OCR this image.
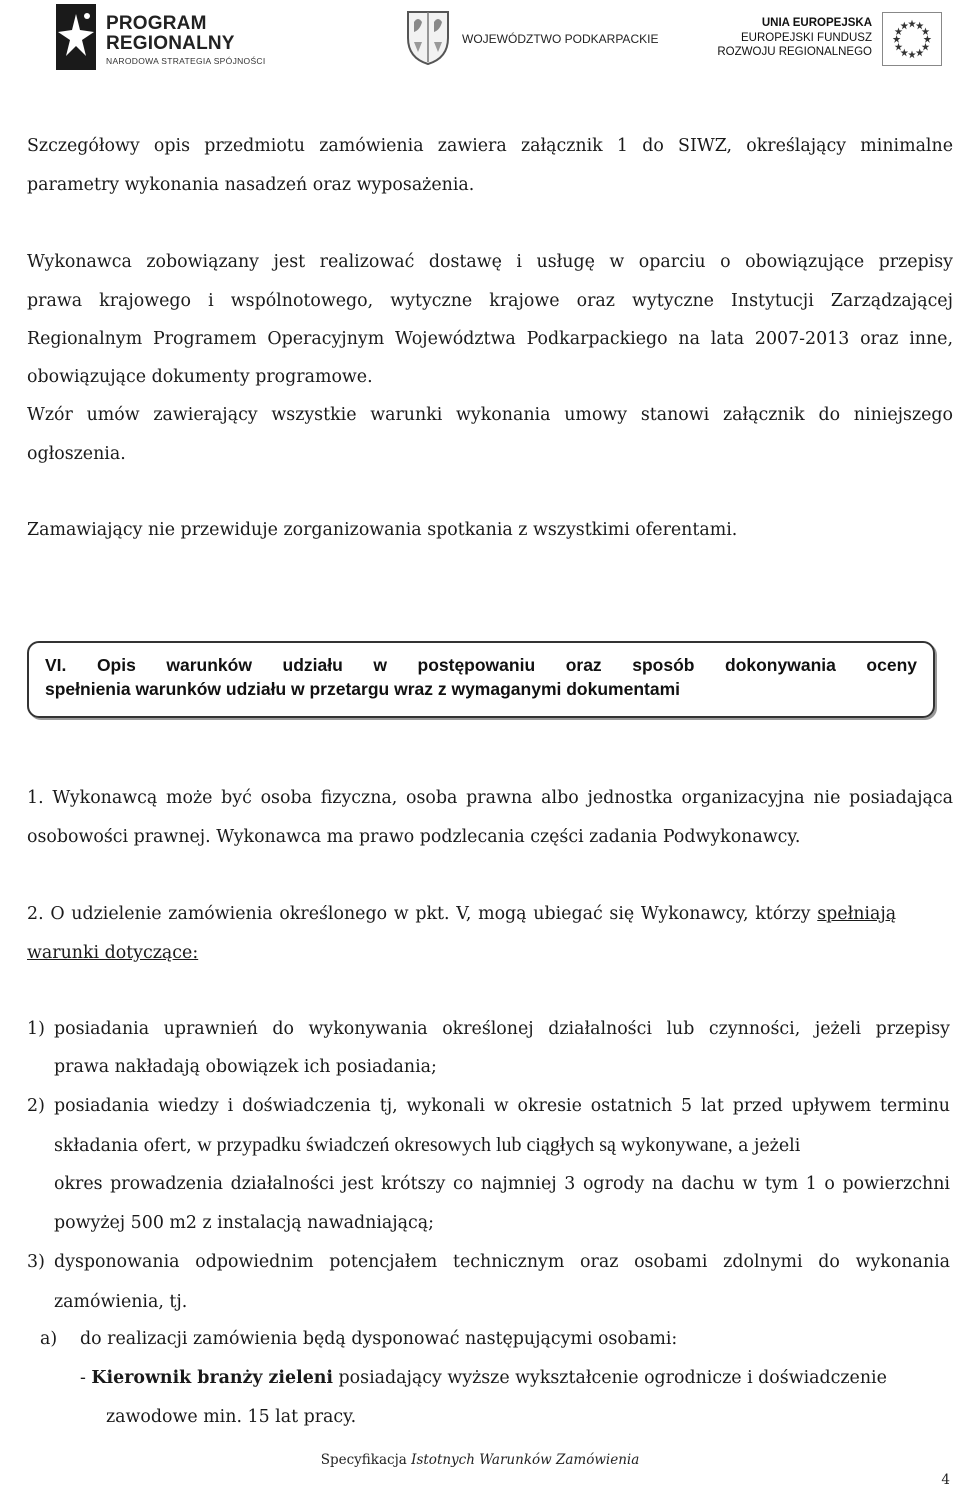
PROGRAM
REGIONALNY
NARODOWA STRATEGIA SPÓJNOŚCI
WOJEWÓDZTWO PODKARPACKIE
UNIA EUROPEJSKA
EUROPEJSKI FUNDUSZ
ROZWOJU REGIONALNEGO
Szczegółowy opis przedmiotu zamówienia zawiera załącznik 1 do SIWZ, określający minimalne
parametry wykonania nasadzeń oraz wyposażenia.
Wykonawca zobowiązany jest realizować dostawę i usługę w oparciu o obowiązujące przepisy
prawa krajowego i wspólnotowego, wytyczne krajowe oraz wytyczne Instytucji Zarządzającej
Regionalnym Programem Operacyjnym Województwa Podkarpackiego na lata 2007-2013 oraz inne,
obowiązujące dokumenty programowe.
Wzór umów zawierający wszystkie warunki wykonania umowy stanowi załącznik do niniejszego
ogłoszenia.
Zamawiający nie przewiduje zorganizowania spotkania z wszystkimi oferentami.
VI. Opis warunków udziału w postępowaniu oraz sposób dokonywania oceny
spełnienia warunków udziału w przetargu wraz z wymaganymi dokumentami
1. Wykonawcą może być osoba fizyczna, osoba prawna albo jednostka organizacyjna nie posiadająca
osobowości prawnej. Wykonawca ma prawo podzlecania części zadania Podwykonawcy.
2. O udzielenie zamówienia określonego w pkt. V, mogą ubiegać się Wykonawcy, którzy spełniają
warunki dotyczące:
1) posiadania uprawnień do wykonywania określonej działalności lub czynności, jeżeli przepisy
prawa nakładają obowiązek ich posiadania;
2) posiadania wiedzy i doświadczenia tj, wykonali w okresie ostatnich 5 lat przed upływem terminu
składania ofert, w przypadku świadczeń okresowych lub ciągłych są wykonywane, a jeżeli
okres prowadzenia działalności jest krótszy co najmniej 3 ogrody na dachu w tym 1 o powierzchni
powyżej 500 m2 z instalacją nawadniającą;
3) dysponowania odpowiednim potencjałem technicznym oraz osobami zdolnymi do wykonania
zamówienia, tj.
a)	do realizacji zamówienia będą dysponować następującymi osobami:
- Kierownik branży zieleni posiadający wyższe wykształcenie ogrodnicze i doświadczenie
zawodowe min. 15 lat pracy.
Specyfikacja Istotnych Warunków Zamówienia
4
